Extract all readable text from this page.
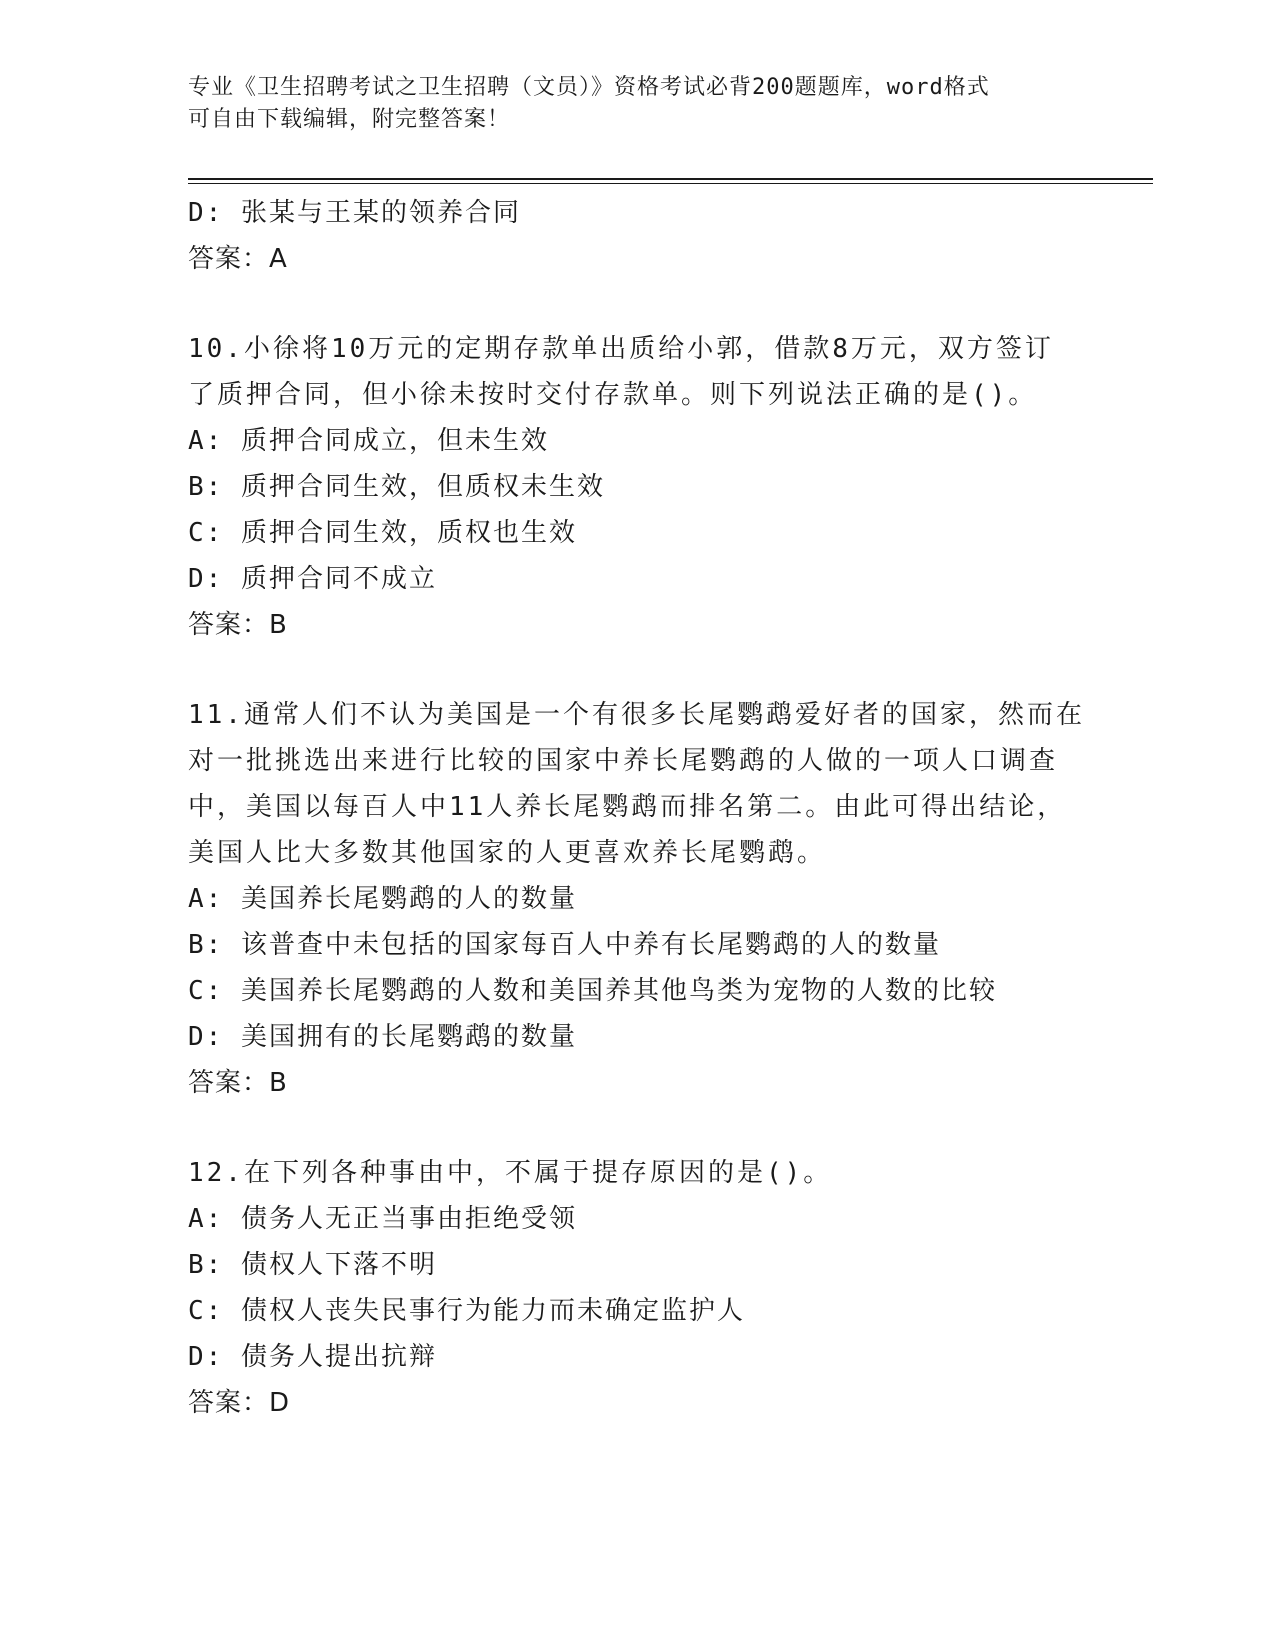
专业《卫生招聘考试之卫生招聘（文员）》资格考试必背200题题库，word格式
可自由下载编辑，附完整答案！
D: 张某与王某的领养合同
答案：A
10.小徐将10万元的定期存款单出质给小郭，借款8万元，双方签订
了质押合同，但小徐未按时交付存款单。则下列说法正确的是()。
A: 质押合同成立，但未生效
B: 质押合同生效，但质权未生效
C: 质押合同生效，质权也生效
D: 质押合同不成立
答案：B
11.通常人们不认为美国是一个有很多长尾鹦鹉爱好者的国家，然而在
对一批挑选出来进行比较的国家中养长尾鹦鹉的人做的一项人口调查
中，美国以每百人中11人养长尾鹦鹉而排名第二。由此可得出结论，
美国人比大多数其他国家的人更喜欢养长尾鹦鹉。
A: 美国养长尾鹦鹉的人的数量
B: 该普查中未包括的国家每百人中养有长尾鹦鹉的人的数量
C: 美国养长尾鹦鹉的人数和美国养其他鸟类为宠物的人数的比较
D: 美国拥有的长尾鹦鹉的数量
答案：B
12.在下列各种事由中，不属于提存原因的是()。
A: 债务人无正当事由拒绝受领
B: 债权人下落不明
C: 债权人丧失民事行为能力而未确定监护人
D: 债务人提出抗辩
答案：D
